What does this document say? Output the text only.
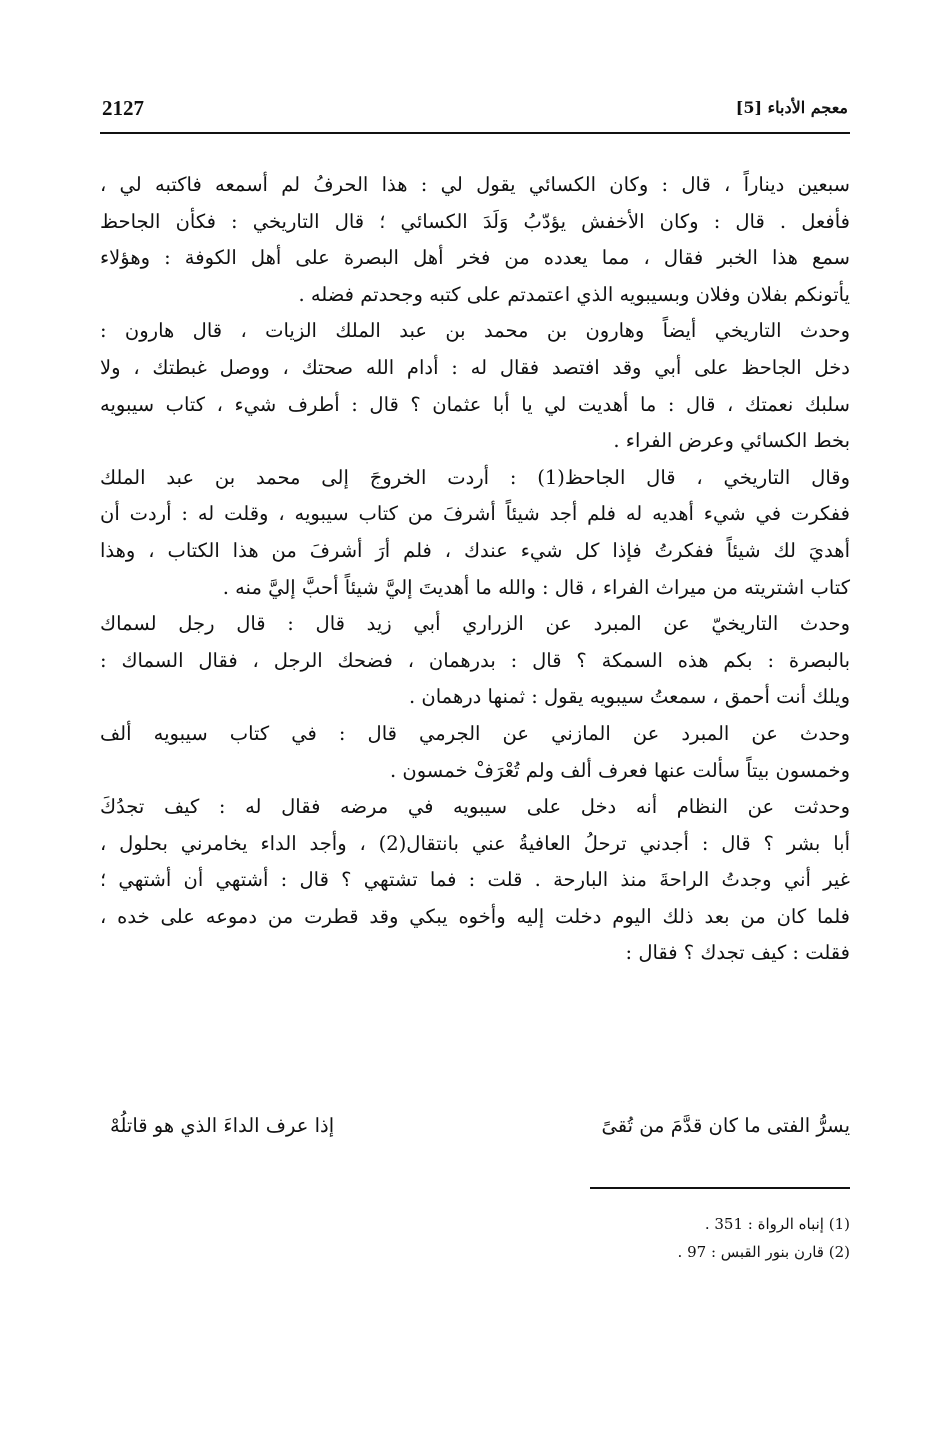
2127	معجم الأدباء [5]

سبعين ديناراً ، قال : وكان الكسائي يقول لي : هذا الحرفُ لم أسمعه فاكتبه لي ،
فأفعل . قال : وكان الأخفش يؤدّبُ وَلَدَ الكسائي ؛ قال التاريخي : فكأن الجاحظ
سمع هذا الخبر فقال ، مما يعدده من فخر أهل البصرة على أهل الكوفة : وهؤلاء
يأتونكم بفلان وفلان وبسيبويه الذي اعتمدتم على كتبه وجحدتم فضله .

وحدث التاريخي أيضاً وهارون بن محمد بن عبد الملك الزيات ، قال هارون :
دخل الجاحظ على أبي وقد افتصد فقال له : أدام الله صحتك ، ووصل غبطتك ، ولا
سلبك نعمتك ، قال : ما أهديت لي يا أبا عثمان ؟ قال : أطرف شيء ، كتاب سيبويه
بخط الكسائي وعرض الفراء .

وقال التاريخي ، قال الجاحظ(1) : أردت الخروجَ إلى محمد بن عبد الملك
ففكرت في شيء أهديه له فلم أجد شيئاً أشرفَ من كتاب سيبويه ، وقلت له : أردت أن
أهديَ لك شيئاً ففكرتُ فإذا كل شيء عندك ، فلم أرَ أشرفَ من هذا الكتاب ، وهذا
كتاب اشتريته من ميراث الفراء ، قال : والله ما أهديتَ إليَّ شيئاً أحبَّ إليَّ منه .

وحدث التاريخيّ عن المبرد عن الزراري أبي زيد قال : قال رجل لسماك
بالبصرة : بكم هذه السمكة ؟ قال : بدرهمان ، فضحك الرجل ، فقال السماك :
ويلك أنت أحمق ، سمعتُ سيبويه يقول : ثمنها درهمان .

وحدث عن المبرد عن المازني عن الجرمي قال : في كتاب سيبويه ألف
وخمسون بيتاً سألت عنها فعرف ألف ولم تُعْرَفْ خمسون .

وحدثت عن النظام أنه دخل على سيبويه في مرضه فقال له : كيف تجدُكَ
أبا بشر ؟ قال : أجدني ترحلُ العافيةُ عني بانتقال(2) ، وأجد الداء يخامرني بحلول ،
غير أني وجدتُ الراحةَ منذ البارحة . قلت : فما تشتهي ؟ قال : أشتهي أن أشتهي ؛
فلما كان من بعد ذلك اليوم دخلت إليه وأخوه يبكي وقد قطرت من دموعه على خده ،
فقلت : كيف تجدك ؟ فقال :

يسرُّ الفتى ما كان قدَّمَ من تُقىً
إذا عرف الداءَ الذي هو قاتلُهْ
(1) إنباه الرواة : 351 .
(2) قارن بنور القبس : 97 .
